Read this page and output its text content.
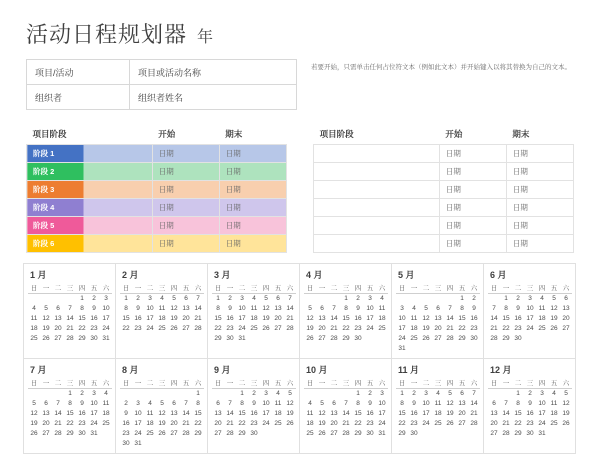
活动日程规划器 年
项目/活动	项目或活动名称
组织者	组织者姓名
若要开始，只需单击任何占位符文本（例如此文本）并开始键入以将其替换为自己的文本。
项目阶段	开始	期末		项目阶段	开始	期末
阶段 1	日期	日期			日期	日期
阶段 2	日期	日期			日期	日期
阶段 3	日期	日期			日期	日期
阶段 4	日期	日期			日期	日期
阶段 5	日期	日期			日期	日期
阶段 6	日期	日期			日期	日期
1 月
日	一	二	三	四	五	六
				1	2	3
4	5	6	7	8	9	10
11	12	13	14	15	16	17
18	19	20	21	22	23	24
25	26	27	28	29	30	31
2 月
日	一	二	三	四	五	六
1	2	3	4	5	6	7
8	9	10	11	12	13	14
15	16	17	18	19	20	21
22	23	24	25	26	27	28
3 月
日	一	二	三	四	五	六
1	2	3	4	5	6	7
8	9	10	11	12	13	14
15	16	17	18	19	20	21
22	23	24	25	26	27	28
29	30	31				
4 月
日	一	二	三	四	五	六
			1	2	3	4
5	6	7	8	9	10	11
12	13	14	15	16	17	18
19	20	21	22	23	24	25
26	27	28	29	30		
5 月
日	一	二	三	四	五	六
					1	2
3	4	5	6	7	8	9
10	11	12	13	14	15	16
17	18	19	20	21	22	23
24	25	26	27	28	29	30
31						
6 月
日	一	二	三	四	五	六
	1	2	3	4	5	6
7	8	9	10	11	12	13
14	15	16	17	18	19	20
21	22	23	24	25	26	27
28	29	30				
7 月
日	一	二	三	四	五	六
			1	2	3	4
5	6	7	8	9	10	11
12	13	14	15	16	17	18
19	20	21	22	23	24	25
26	27	28	29	30	31	
8 月
日	一	二	三	四	五	六
						1
2	3	4	5	6	7	8
9	10	11	12	13	14	15
16	17	18	19	20	21	22
23	24	25	26	27	28	29
30	31					
9 月
日	一	二	三	四	五	六
		1	2	3	4	5
6	7	8	9	10	11	12
13	14	15	16	17	18	19
20	21	22	23	24	25	26
27	28	29	30			
10 月
日	一	二	三	四	五	六
				1	2	3
4	5	6	7	8	9	10
11	12	13	14	15	16	17
18	19	20	21	22	23	24
25	26	27	28	29	30	31
11 月
日	一	二	三	四	五	六
1	2	3	4	5	6	7
8	9	10	11	12	13	14
15	16	17	18	19	20	21
22	23	24	25	26	27	28
29	30					
12 月
日	一	二	三	四	五	六
		1	2	3	4	5
6	7	8	9	10	11	12
13	14	15	16	17	18	19
20	21	22	23	24	25	26
27	28	29	30	31		
